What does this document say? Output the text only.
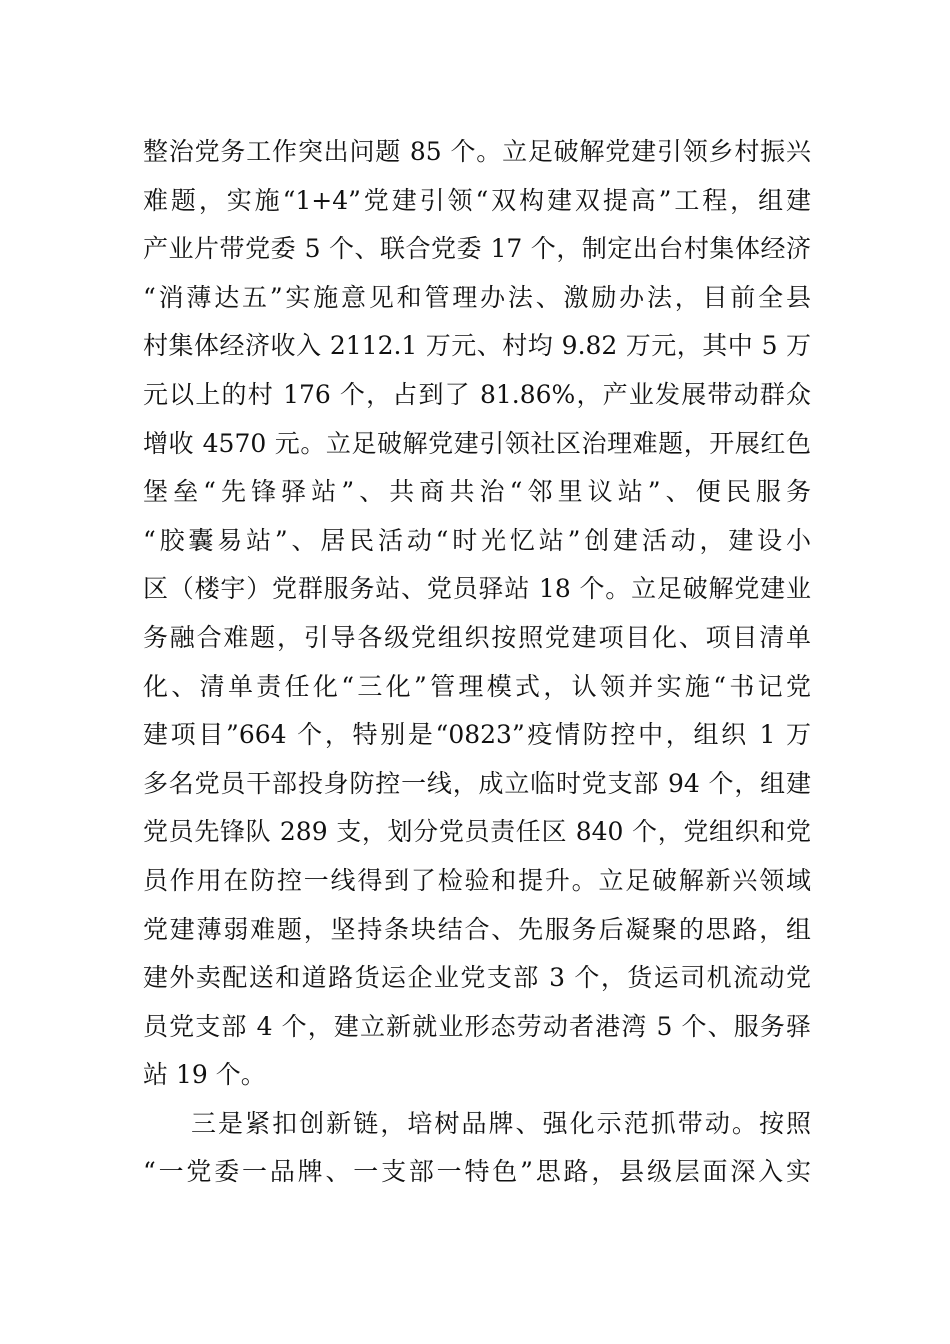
整治党务工作突出问题 85 个。立足破解党建引领乡村振兴
难题，实施“1+4”党建引领“双构建双提高”工程，组建
产业片带党委 5 个、联合党委 17 个，制定出台村集体经济
“消薄达五”实施意见和管理办法、激励办法，目前全县
村集体经济收入 2112.1 万元、村均 9.82 万元，其中 5 万
元以上的村 176 个，占到了 81.86%，产业发展带动群众
增收 4570 元。立足破解党建引领社区治理难题，开展红色
堡垒“先锋驿站”、共商共治“邻里议站”、便民服务
“胶囊易站”、居民活动“时光忆站”创建活动，建设小
区（楼宇）党群服务站、党员驿站 18 个。立足破解党建业
务融合难题，引导各级党组织按照党建项目化、项目清单
化、清单责任化“三化”管理模式，认领并实施“书记党
建项目”664 个，特别是“0823”疫情防控中，组织 1 万
多名党员干部投身防控一线，成立临时党支部 94 个，组建
党员先锋队 289 支，划分党员责任区 840 个，党组织和党
员作用在防控一线得到了检验和提升。立足破解新兴领域
党建薄弱难题，坚持条块结合、先服务后凝聚的思路，组
建外卖配送和道路货运企业党支部 3 个，货运司机流动党
员党支部 4 个，建立新就业形态劳动者港湾 5 个、服务驿
站 19 个。
三是紧扣创新链，培树品牌、强化示范抓带动。按照
“一党委一品牌、一支部一特色”思路，县级层面深入实
